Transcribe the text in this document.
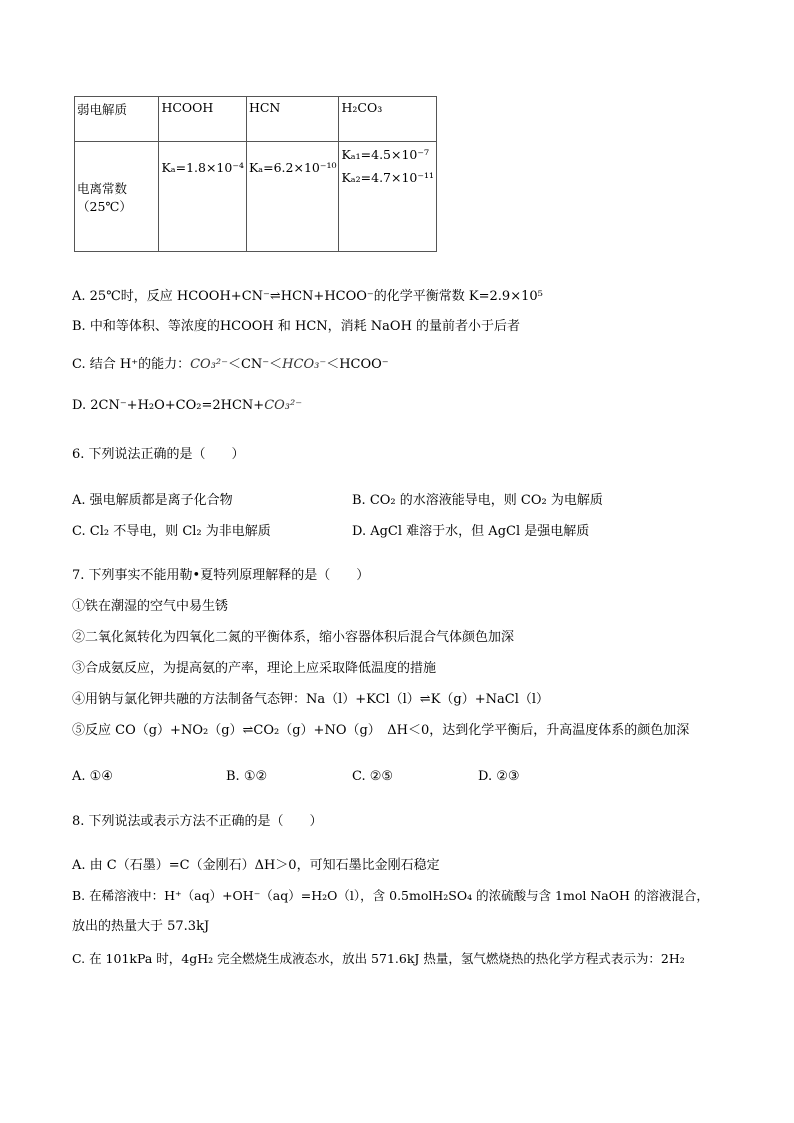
弱电解质	HCOOH	HCN	H₂CO₃
电离常数（25℃）	Kₐ=1.8×10⁻⁴	Kₐ=6.2×10⁻¹⁰	Kₐ₁=4.5×10⁻⁷
Kₐ₂=4.7×10⁻¹¹
A. 25℃时，反应 HCOOH+CN⁻⇌HCN+HCOO⁻的化学平衡常数 K=2.9×10⁵
B. 中和等体积、等浓度的HCOOH 和 HCN，消耗 NaOH 的量前者小于后者
C. 结合 H⁺的能力：CO₃²⁻＜CN⁻＜HCO₃⁻＜HCOO⁻
D. 2CN⁻+H₂O+CO₂=2HCN+CO₃²⁻
6. 下列说法正确的是（　　）
A. 强电解质都是离子化合物	B. CO₂ 的水溶液能导电，则 CO₂ 为电解质
C. Cl₂ 不导电，则 Cl₂ 为非电解质	D. AgCl 难溶于水，但 AgCl 是强电解质
7. 下列事实不能用勒•夏特列原理解释的是（　　）
①铁在潮湿的空气中易生锈
②二氧化氮转化为四氧化二氮的平衡体系，缩小容器体积后混合气体颜色加深
③合成氨反应，为提高氨的产率，理论上应采取降低温度的措施
④用钠与氯化钾共融的方法制备气态钾：Na（l）+KCl（l）⇌K（g）+NaCl（l）
⑤反应 CO（g）+NO₂（g）⇌CO₂（g）+NO（g）　ΔH＜0，达到化学平衡后，升高温度体系的颜色加深
A. ①④	B. ①②	C. ②⑤	D. ②③
8. 下列说法或表示方法不正确的是（　　）
A. 由 C（石墨）=C（金刚石）ΔH＞0，可知石墨比金刚石稳定
B. 在稀溶液中：H⁺（aq）+OH⁻（aq）=H₂O（l），含 0.5molH₂SO₄ 的浓硫酸与含 1mol NaOH 的溶液混合，
放出的热量大于 57.3kJ
C. 在 101kPa 时，4gH₂ 完全燃烧生成液态水，放出 571.6kJ 热量，氢气燃烧热的热化学方程式表示为：2H₂
